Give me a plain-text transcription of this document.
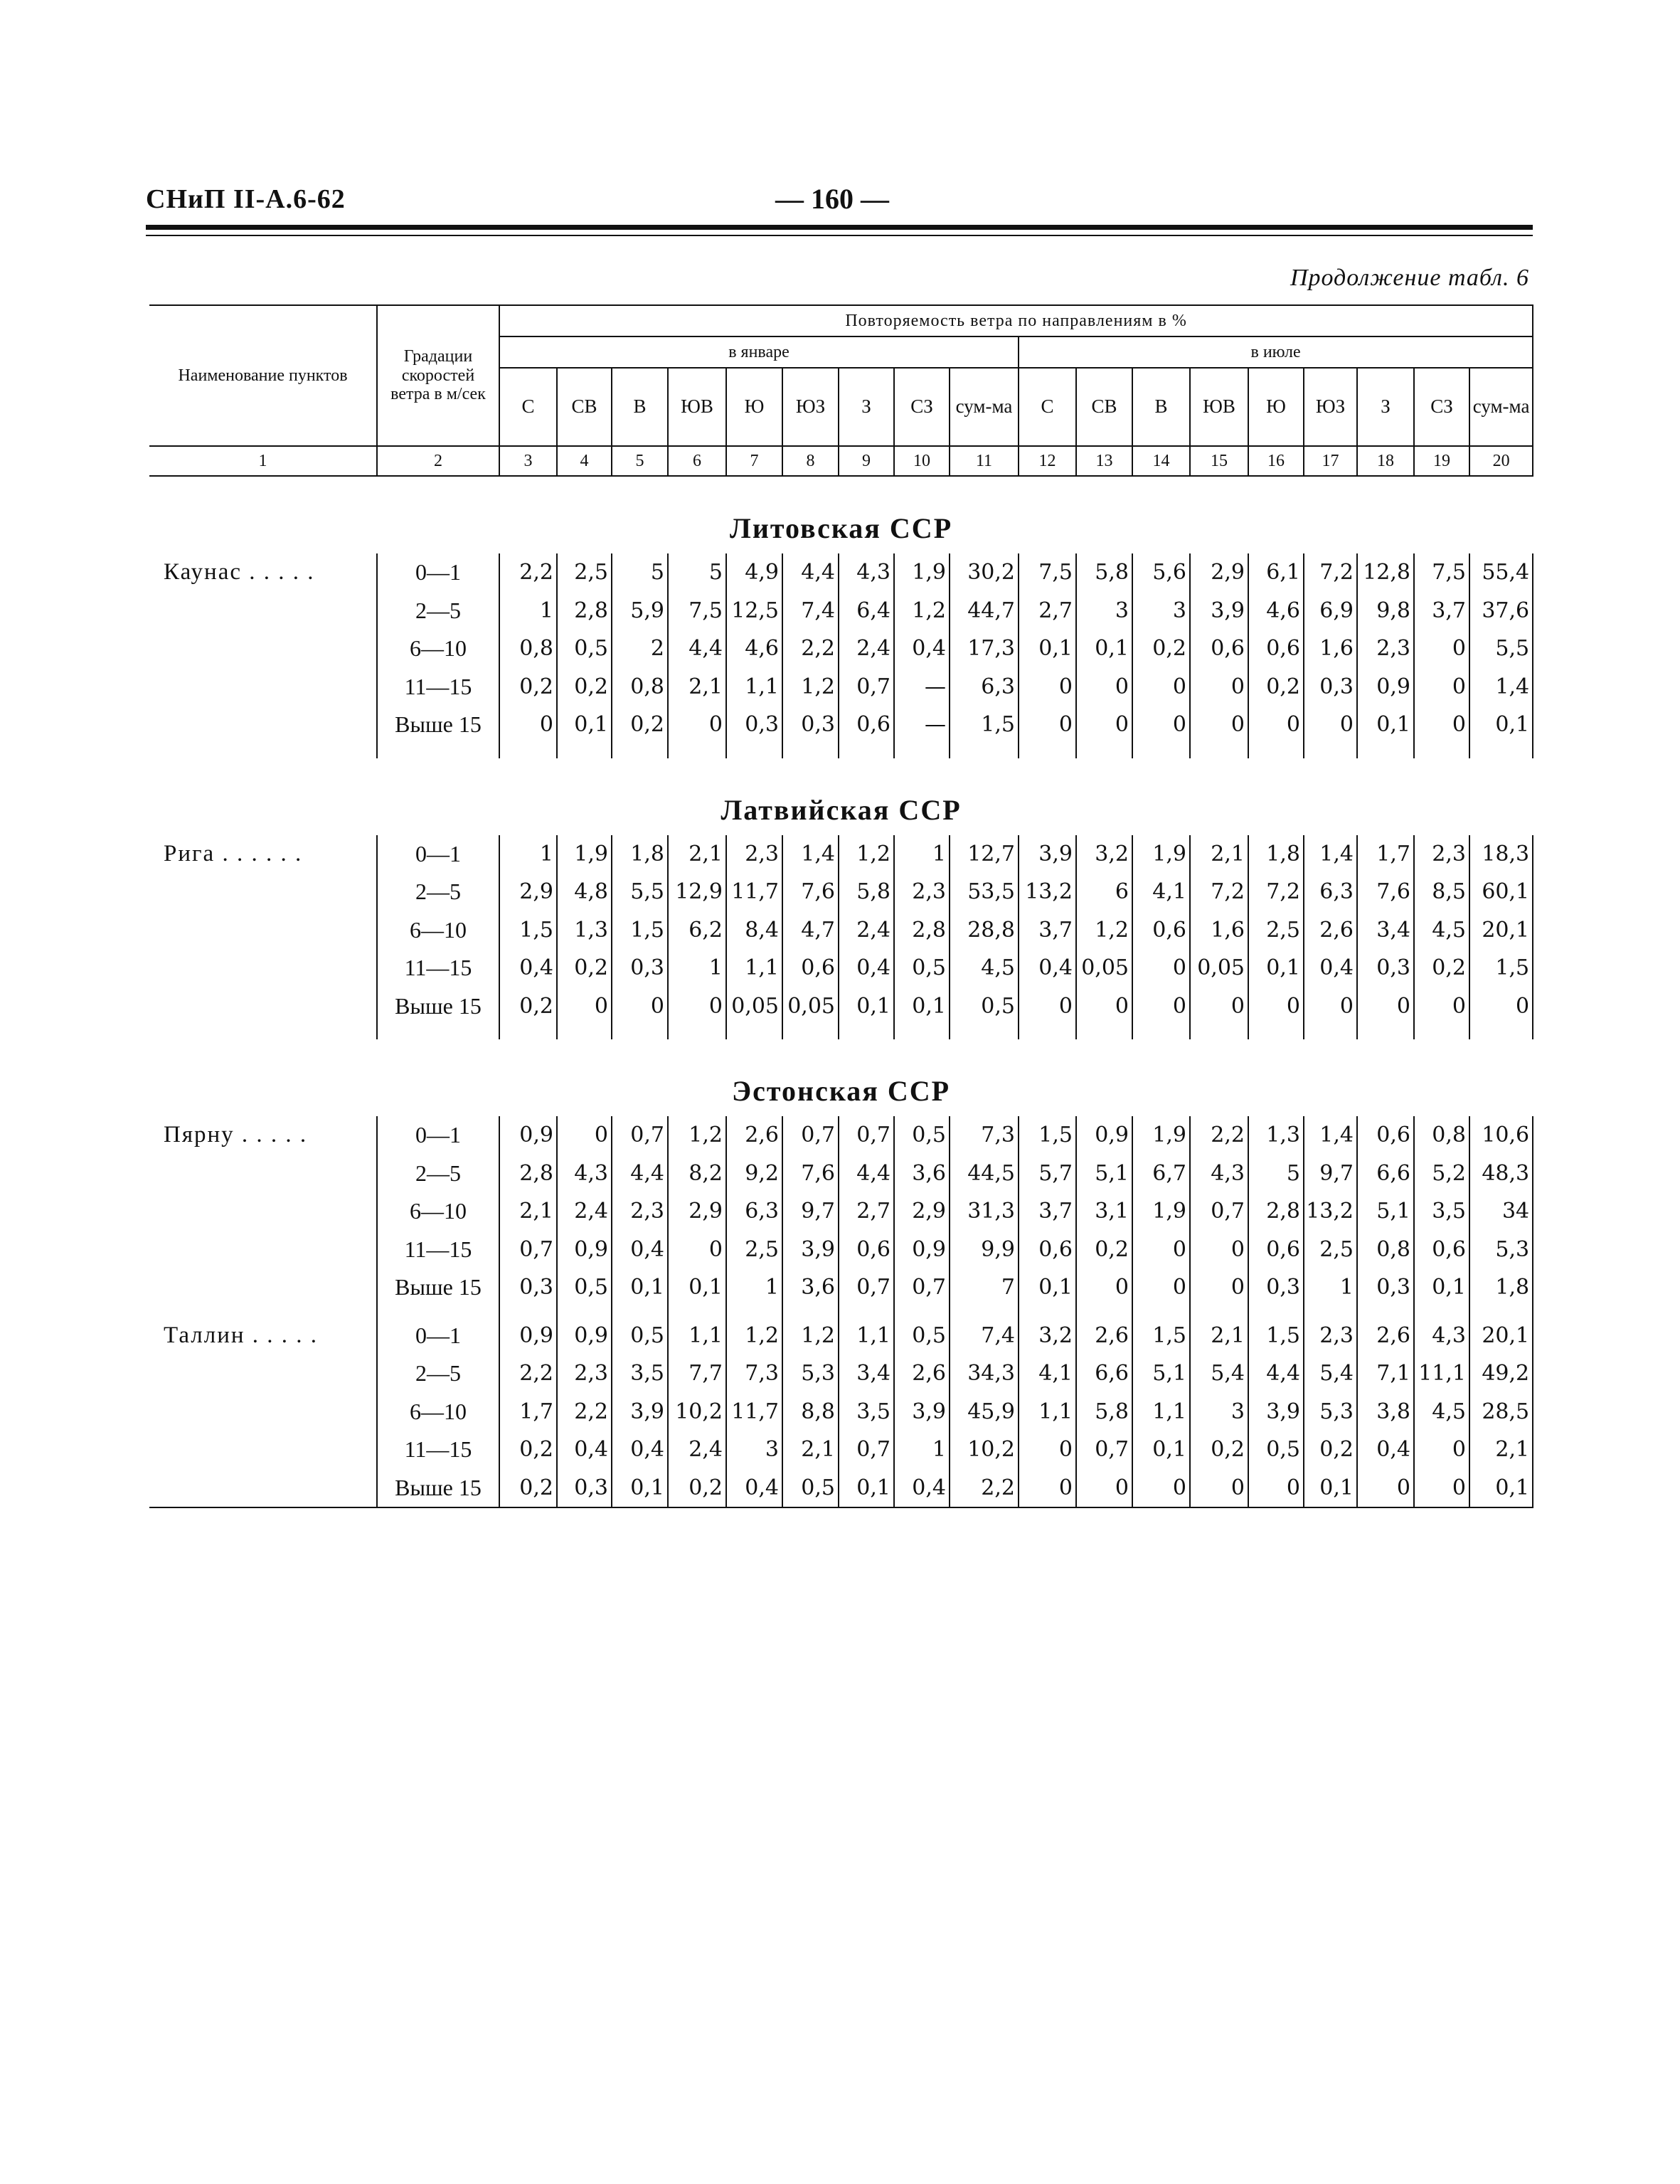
СНиП II-А.6-62	— 160 —
Продолжение табл. 6
Наименование пунктов	Градации скоростей ветра в м/сек	Повторяемость ветра по направлениям в %																	
		в январе									в июле								
		С	СВ	В	ЮВ	Ю	ЮЗ	З	СЗ	сум-ма	С	СВ	В	ЮВ	Ю	ЮЗ	З	СЗ	сум-ма
1	2	3	4	5	6	7	8	9	10	11	12	13	14	15	16	17	18	19	20
Литовская ССР																			
Каунас . . . . .	0—1	2,2	2,5	5	5	4,9	4,4	4,3	1,9	30,2	7,5	5,8	5,6	2,9	6,1	7,2	12,8	7,5	55,4
	2—5	1	2,8	5,9	7,5	12,5	7,4	6,4	1,2	44,7	2,7	3	3	3,9	4,6	6,9	9,8	3,7	37,6
	6—10	0,8	0,5	2	4,4	4,6	2,2	2,4	0,4	17,3	0,1	0,1	0,2	0,6	0,6	1,6	2,3	0	5,5
	11—15	0,2	0,2	0,8	2,1	1,1	1,2	0,7	—	6,3	0	0	0	0	0,2	0,3	0,9	0	1,4
	Выше 15	0	0,1	0,2	0	0,3	0,3	0,6	—	1,5	0	0	0	0	0	0	0,1	0	0,1

Латвийская ССР																			
Рига . . . . . .	0—1	1	1,9	1,8	2,1	2,3	1,4	1,2	1	12,7	3,9	3,2	1,9	2,1	1,8	1,4	1,7	2,3	18,3
	2—5	2,9	4,8	5,5	12,9	11,7	7,6	5,8	2,3	53,5	13,2	6	4,1	7,2	7,2	6,3	7,6	8,5	60,1
	6—10	1,5	1,3	1,5	6,2	8,4	4,7	2,4	2,8	28,8	3,7	1,2	0,6	1,6	2,5	2,6	3,4	4,5	20,1
	11—15	0,4	0,2	0,3	1	1,1	0,6	0,4	0,5	4,5	0,4	0,05	0	0,05	0,1	0,4	0,3	0,2	1,5
	Выше 15	0,2	0	0	0	0,05	0,05	0,1	0,1	0,5	0	0	0	0	0	0	0	0	0

Эстонская ССР																			
Пярну . . . . .	0—1	0,9	0	0,7	1,2	2,6	0,7	0,7	0,5	7,3	1,5	0,9	1,9	2,2	1,3	1,4	0,6	0,8	10,6
	2—5	2,8	4,3	4,4	8,2	9,2	7,6	4,4	3,6	44,5	5,7	5,1	6,7	4,3	5	9,7	6,6	5,2	48,3
	6—10	2,1	2,4	2,3	2,9	6,3	9,7	2,7	2,9	31,3	3,7	3,1	1,9	0,7	2,8	13,2	5,1	3,5	34
	11—15	0,7	0,9	0,4	0	2,5	3,9	0,6	0,9	9,9	0,6	0,2	0	0	0,6	2,5	0,8	0,6	5,3
	Выше 15	0,3	0,5	0,1	0,1	1	3,6	0,7	0,7	7	0,1	0	0	0	0,3	1	0,3	0,1	1,8

Таллин . . . . .	0—1	0,9	0,9	0,5	1,1	1,2	1,2	1,1	0,5	7,4	3,2	2,6	1,5	2,1	1,5	2,3	2,6	4,3	20,1
	2—5	2,2	2,3	3,5	7,7	7,3	5,3	3,4	2,6	34,3	4,1	6,6	5,1	5,4	4,4	5,4	7,1	11,1	49,2
	6—10	1,7	2,2	3,9	10,2	11,7	8,8	3,5	3,9	45,9	1,1	5,8	1,1	3	3,9	5,3	3,8	4,5	28,5
	11—15	0,2	0,4	0,4	2,4	3	2,1	0,7	1	10,2	0	0,7	0,1	0,2	0,5	0,2	0,4	0	2,1
	Выше 15	0,2	0,3	0,1	0,2	0,4	0,5	0,1	0,4	2,2	0	0	0	0	0	0,1	0	0	0,1
